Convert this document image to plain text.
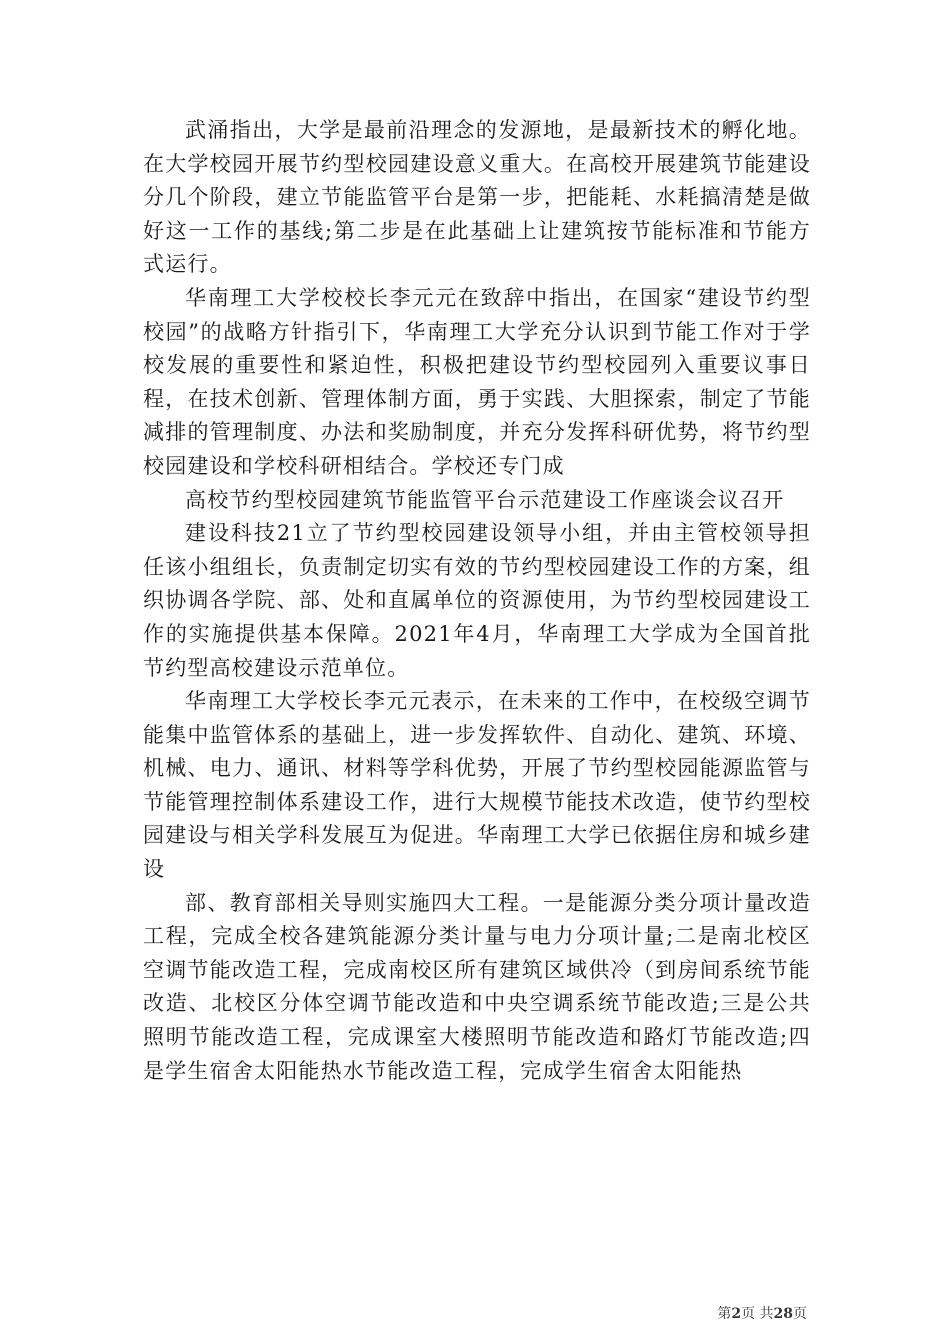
武涌指出，大学是最前沿理念的发源地，是最新技术的孵化地。在大学校园开展节约型校园建设意义重大。在高校开展建筑节能建设分几个阶段，建立节能监管平台是第一步，把能耗、水耗搞清楚是做好这一工作的基线;第二步是在此基础上让建筑按节能标准和节能方式运行。

华南理工大学校校长李元元在致辞中指出，在国家“建设节约型校园”的战略方针指引下，华南理工大学充分认识到节能工作对于学校发展的重要性和紧迫性，积极把建设节约型校园列入重要议事日程，在技术创新、管理体制方面，勇于实践、大胆探索，制定了节能减排的管理制度、办法和奖励制度，并充分发挥科研优势，将节约型校园建设和学校科研相结合。学校还专门成

高校节约型校园建筑节能监管平台示范建设工作座谈会议召开

建设科技21立了节约型校园建设领导小组，并由主管校领导担任该小组组长，负责制定切实有效的节约型校园建设工作的方案，组织协调各学院、部、处和直属单位的资源使用，为节约型校园建设工作的实施提供基本保障。2021年4月，华南理工大学成为全国首批节约型高校建设示范单位。

华南理工大学校长李元元表示，在未来的工作中，在校级空调节能集中监管体系的基础上，进一步发挥软件、自动化、建筑、环境、机械、电力、通讯、材料等学科优势，开展了节约型校园能源监管与节能管理控制体系建设工作，进行大规模节能技术改造，使节约型校园建设与相关学科发展互为促进。华南理工大学已依据住房和城乡建设

部、教育部相关导则实施四大工程。一是能源分类分项计量改造工程，完成全校各建筑能源分类计量与电力分项计量;二是南北校区空调节能改造工程，完成南校区所有建筑区域供冷（到房间系统节能改造、北校区分体空调节能改造和中央空调系统节能改造;三是公共照明节能改造工程，完成课室大楼照明节能改造和路灯节能改造;四是学生宿舍太阳能热水节能改造工程，完成学生宿舍太阳能热

第2页 共28页
